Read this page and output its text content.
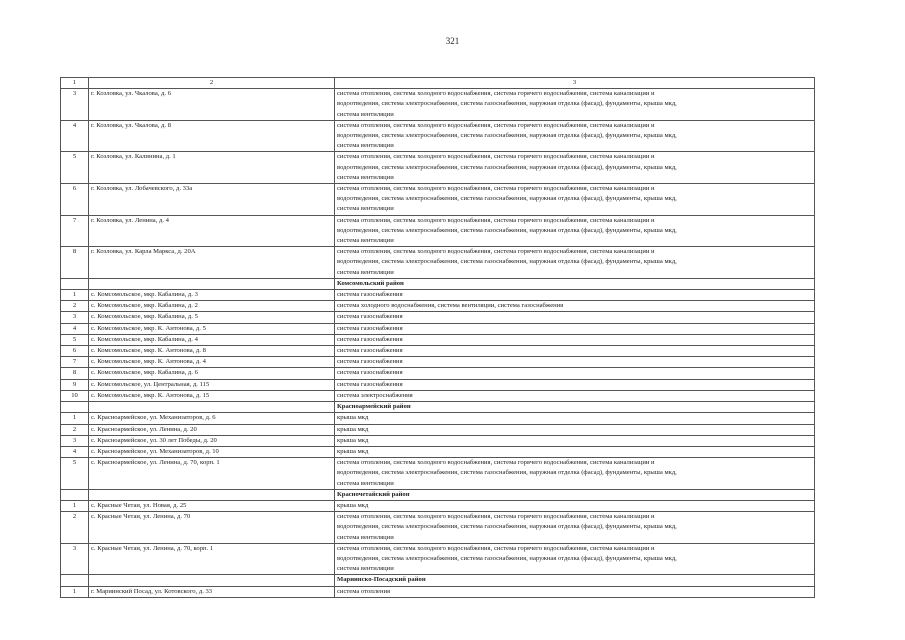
321
1	2	3
3	г. Козловка, ул. Чкалова, д. 6	система отопления, система холодного водоснабжения, система горячего водоснабжения, система канализации и
водоотведения, система электроснабжения, система газоснабжения, наружная отделка (фасад), фундаменты, крыша мкд,
система вентиляции

4	г. Козловка, ул. Чкалова, д. 8	система отопления, система холодного водоснабжения, система горячего водоснабжения, система канализации и
водоотведения, система электроснабжения, система газоснабжения, наружная отделка (фасад), фундаменты, крыша мкд,
система вентиляции

5	г. Козловка, ул. Калинина, д. 1	система отопления, система холодного водоснабжения, система горячего водоснабжения, система канализации и
водоотведения, система электроснабжения, система газоснабжения, наружная отделка (фасад), фундаменты, крыша мкд,
система вентиляции

6	г. Козловка, ул. Лобачевского, д. 33а	система отопления, система холодного водоснабжения, система горячего водоснабжения, система канализации и
водоотведения, система электроснабжения, система газоснабжения, наружная отделка (фасад), фундаменты, крыша мкд,
система вентиляции

7	г. Козловка, ул. Ленина, д. 4	система отопления, система холодного водоснабжения, система горячего водоснабжения, система канализации и
водоотведения, система электроснабжения, система газоснабжения, наружная отделка (фасад), фундаменты, крыша мкд,
система вентиляции

8	г. Козловка, ул. Карла Маркса, д. 20А	система отопления, система холодного водоснабжения, система горячего водоснабжения, система канализации и
водоотведения, система электроснабжения, система газоснабжения, наружная отделка (фасад), фундаменты, крыша мкд,
система вентиляции

		Комсомольский район
1	с. Комсомольское, мкр. Кабалина, д. 3	система газоснабжения

2	с. Комсомольское, мкр. Кабалина, д. 2	система холодного водоснабжения, система вентиляции, система газоснабжения

3	с. Комсомольское, мкр. Кабалина, д. 5	система газоснабжения

4	с. Комсомольское, мкр. К. Антонова, д. 5	система газоснабжения

5	с. Комсомольское, мкр. Кабалина, д. 4	система газоснабжения

6	с. Комсомольское, мкр. К. Антонова, д. 8	система газоснабжения

7	с. Комсомольское, мкр. К. Антонова, д. 4	система газоснабжения

8	с. Комсомольское, мкр. Кабалина, д. 6	система газоснабжения

9	с. Комсомольское, ул. Центральная, д. 115	система газоснабжения

10	с. Комсомольское, мкр. К. Антонова, д. 15	система электроснабжения

		Красноармейский район
1	с. Красноармейское, ул. Механизаторов, д. 6	крыша мкд

2	с. Красноармейское, ул. Ленина, д. 20	крыша мкд

3	с. Красноармейское, ул. 30 лет Победы, д. 20	крыша мкд

4	с. Красноармейское, ул. Механизаторов, д. 10	крыша мкд

5	с. Красноармейское, ул. Ленина, д. 70, корп. 1	система отопления, система холодного водоснабжения, система горячего водоснабжения, система канализации и
водоотведения, система электроснабжения, система газоснабжения, наружная отделка (фасад), фундаменты, крыша мкд,
система вентиляции

		Красночетайский район
1	с. Красные Четаи, ул. Новая, д. 25	крыша мкд

2	с. Красные Четаи, ул. Ленина, д. 70	система отопления, система холодного водоснабжения, система горячего водоснабжения, система канализации и
водоотведения, система электроснабжения, система газоснабжения, наружная отделка (фасад), фундаменты, крыша мкд,
система вентиляции

3	с. Красные Четаи, ул. Ленина, д. 70, корп. 1	система отопления, система холодного водоснабжения, система горячего водоснабжения, система канализации и
водоотведения, система электроснабжения, система газоснабжения, наружная отделка (фасад), фундаменты, крыша мкд,
система вентиляции

		Мариинско-Посадский район
1	г. Мариинский Посад, ул. Котовского, д. 33	система отопления
